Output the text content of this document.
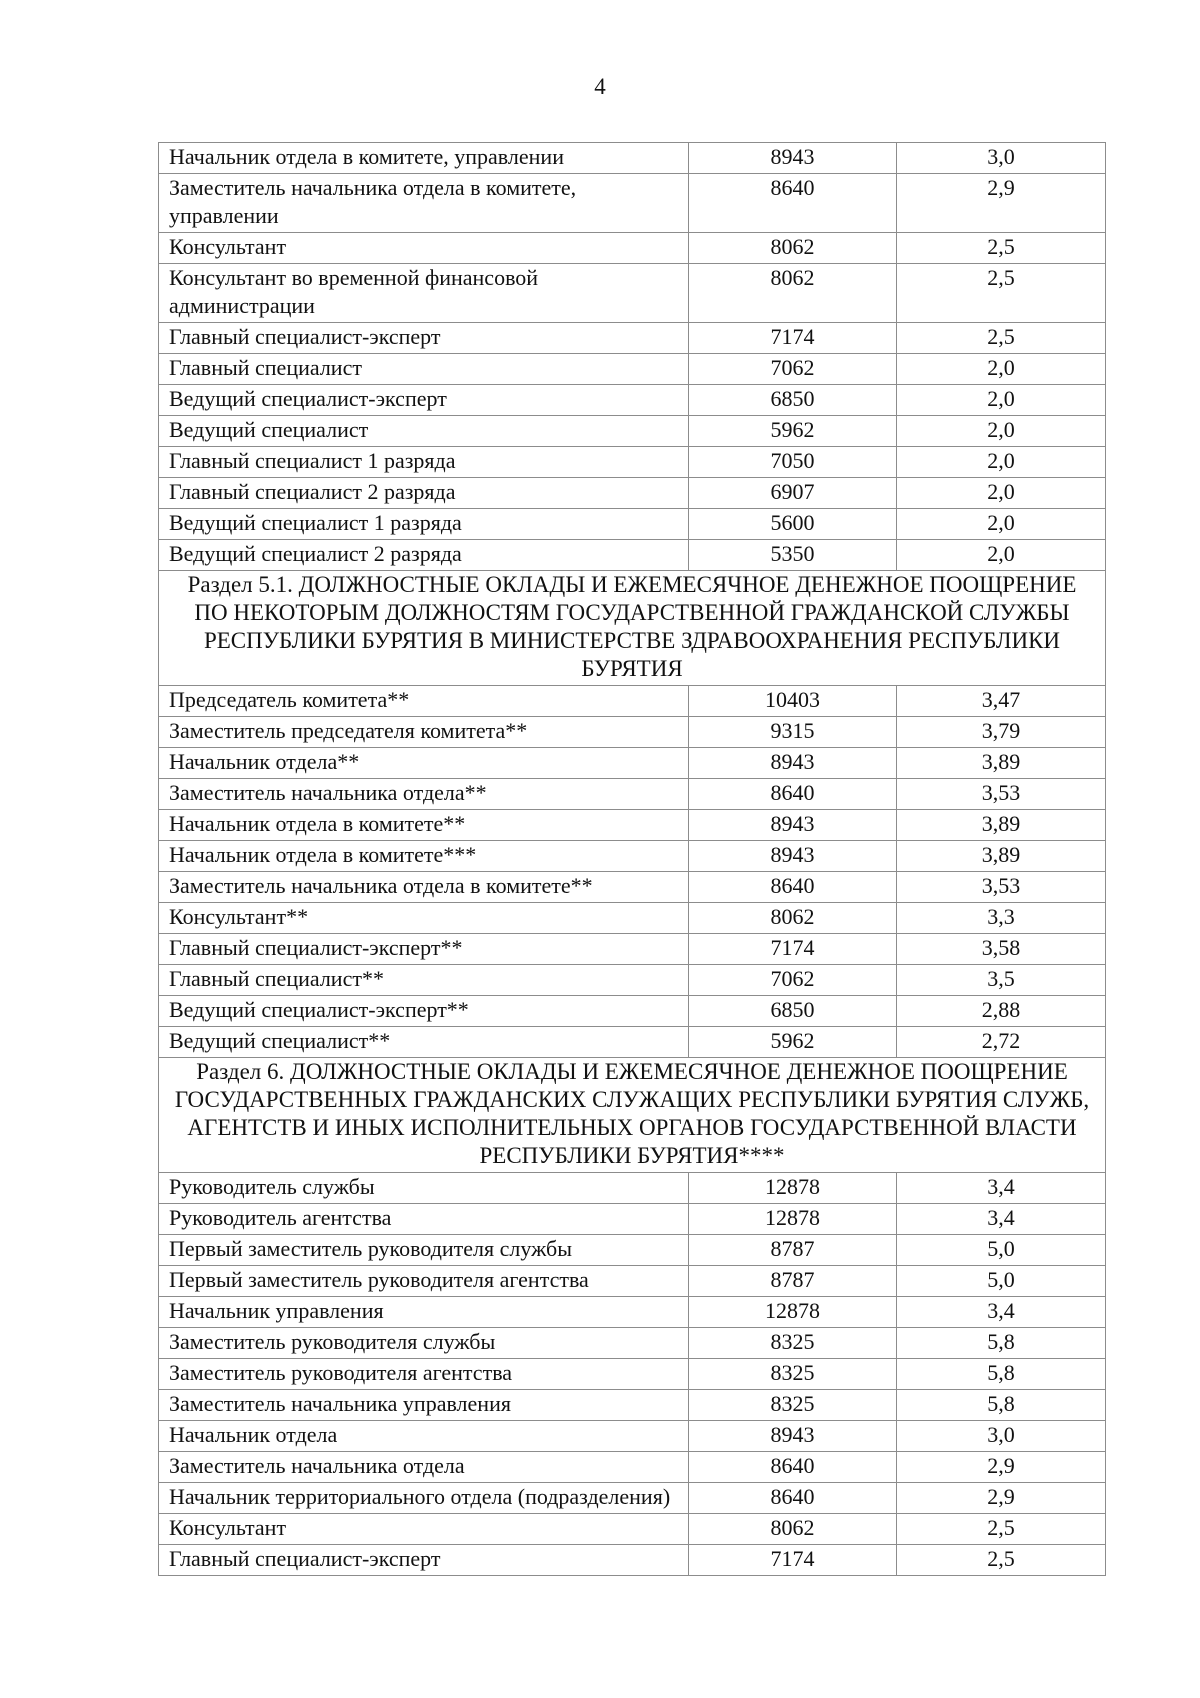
4
Начальник отдела в комитете, управлении	8943	3,0
Заместитель начальника отдела в комитете, управлении	8640	2,9
Консультант	8062	2,5
Консультант во временной финансовой администрации	8062	2,5
Главный специалист-эксперт	7174	2,5
Главный специалист	7062	2,0
Ведущий специалист-эксперт	6850	2,0
Ведущий специалист	5962	2,0
Главный специалист 1 разряда	7050	2,0
Главный специалист 2 разряда	6907	2,0
Ведущий специалист 1 разряда	5600	2,0
Ведущий специалист 2 разряда	5350	2,0
Раздел 5.1. ДОЛЖНОСТНЫЕ ОКЛАДЫ И ЕЖЕМЕСЯЧНОЕ ДЕНЕЖНОЕ ПООЩРЕНИЕ ПО НЕКОТОРЫМ ДОЛЖНОСТЯМ ГОСУДАРСТВЕННОЙ ГРАЖДАНСКОЙ СЛУЖБЫ РЕСПУБЛИКИ БУРЯТИЯ В МИНИСТЕРСТВЕ ЗДРАВООХРАНЕНИЯ РЕСПУБЛИКИ БУРЯТИЯ		
Председатель комитета**	10403	3,47
Заместитель председателя комитета**	9315	3,79
Начальник отдела**	8943	3,89
Заместитель начальника отдела**	8640	3,53
Начальник отдела в комитете**	8943	3,89
Начальник отдела в комитете***	8943	3,89
Заместитель начальника отдела в комитете**	8640	3,53
Консультант**	8062	3,3
Главный специалист-эксперт**	7174	3,58
Главный специалист**	7062	3,5
Ведущий специалист-эксперт**	6850	2,88
Ведущий специалист**	5962	2,72
Раздел 6. ДОЛЖНОСТНЫЕ ОКЛАДЫ И ЕЖЕМЕСЯЧНОЕ ДЕНЕЖНОЕ ПООЩРЕНИЕ ГОСУДАРСТВЕННЫХ ГРАЖДАНСКИХ СЛУЖАЩИХ РЕСПУБЛИКИ БУРЯТИЯ СЛУЖБ, АГЕНТСТВ И ИНЫХ ИСПОЛНИТЕЛЬНЫХ ОРГАНОВ ГОСУДАРСТВЕННОЙ ВЛАСТИ РЕСПУБЛИКИ БУРЯТИЯ****		
Руководитель службы	12878	3,4
Руководитель агентства	12878	3,4
Первый заместитель руководителя службы	8787	5,0
Первый заместитель руководителя агентства	8787	5,0
Начальник управления	12878	3,4
Заместитель руководителя службы	8325	5,8
Заместитель руководителя агентства	8325	5,8
Заместитель начальника управления	8325	5,8
Начальник отдела	8943	3,0
Заместитель начальника отдела	8640	2,9
Начальник территориального отдела (подразделения)	8640	2,9
Консультант	8062	2,5
Главный специалист-эксперт	7174	2,5
